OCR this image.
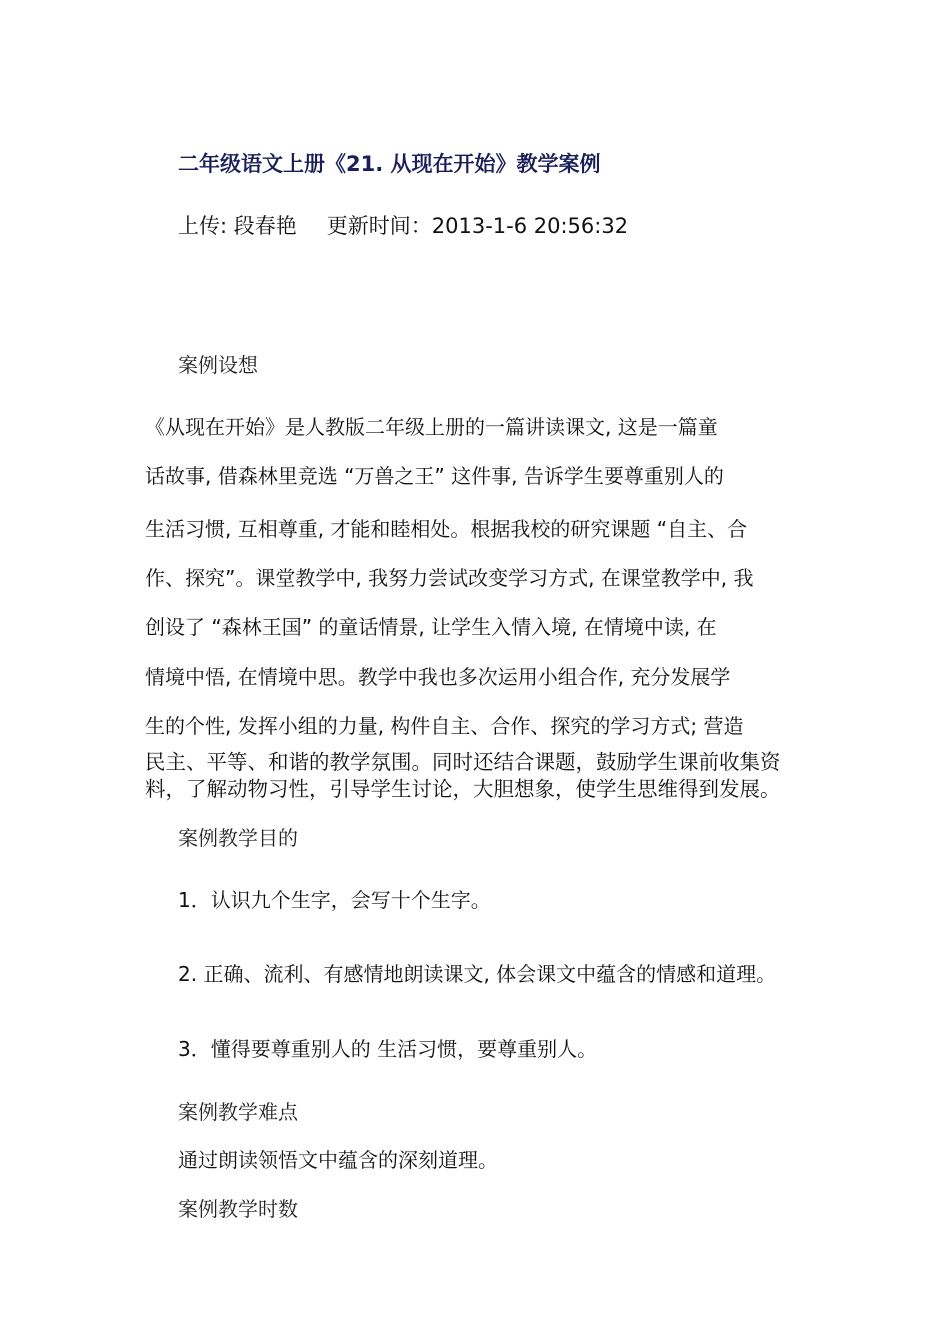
二年级语文上册《21. 从现在开始》教学案例
上传: 段春艳 更新时间：2013-1-6 20:56:32
案例设想

《从现在开始》是人教版二年级上册的一篇讲读课文, 这是一篇童

话故事, 借森林里竞选 “万兽之王” 这件事, 告诉学生要尊重别人的

生活习惯, 互相尊重, 才能和睦相处。根据我校的研究课题 “自主、合

作、探究”。课堂教学中, 我努力尝试改变学习方式, 在课堂教学中, 我

创设了 “森林王国” 的童话情景, 让学生入情入境, 在情境中读, 在

情境中悟, 在情境中思。教学中我也多次运用小组合作, 充分发展学

生的个性, 发挥小组的力量, 构件自主、合作、探究的学习方式; 营造

民主、平等、和谐的教学氛围。同时还结合课题，鼓励学生课前收集资

料，了解动物习性，引导学生讨论，大胆想象，使学生思维得到发展。

案例教学目的
1．认识九个生字，会写十个生字。
2. 正确、流利、有感情地朗读课文, 体会课文中蕴含的情感和道理。
3．懂得要尊重别人的 生活习惯，要尊重别人。
案例教学难点
通过朗读领悟文中蕴含的深刻道理。
案例教学时数
